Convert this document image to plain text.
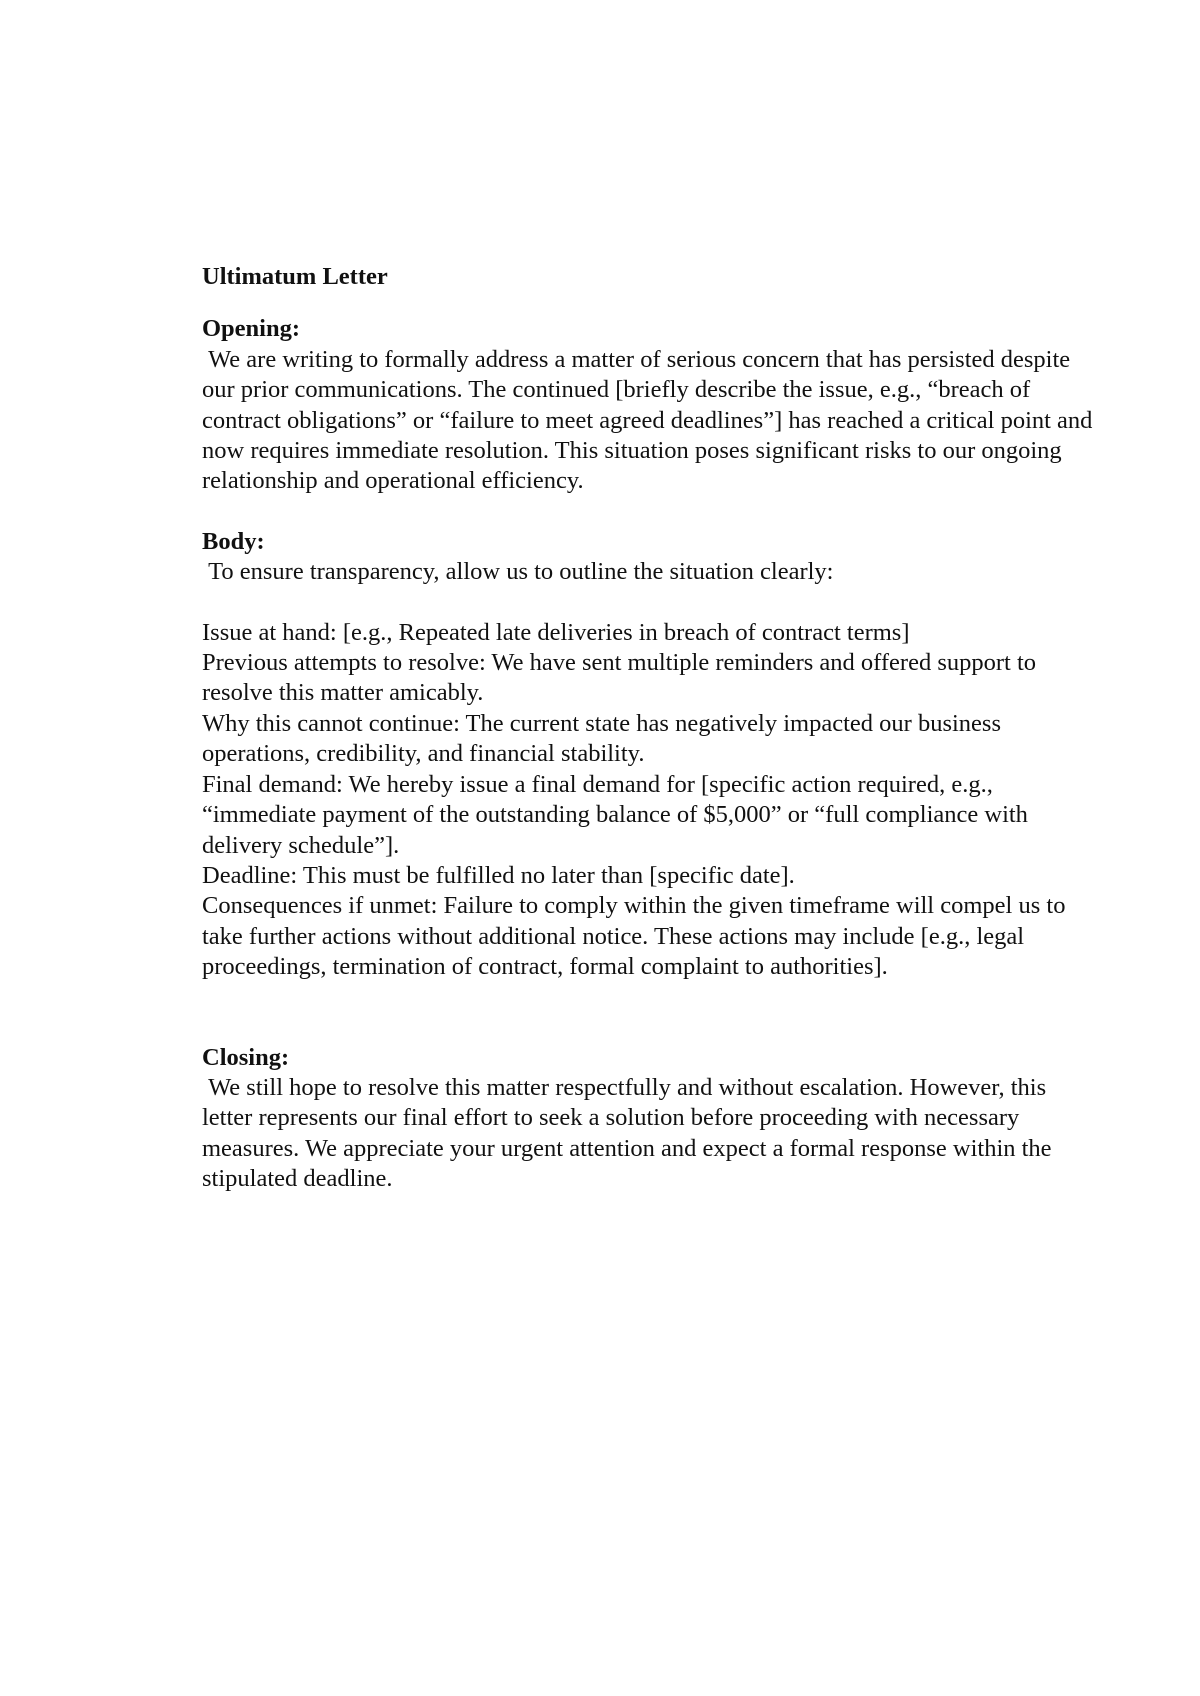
Ultimatum Letter

Opening:

We are writing to formally address a matter of serious concern that has persisted despite our prior communications. The continued [briefly describe the issue, e.g., “breach of contract obligations” or “failure to meet agreed deadlines”] has reached a critical point and now requires immediate resolution. This situation poses significant risks to our ongoing relationship and operational efficiency.

Body:

To ensure transparency, allow us to outline the situation clearly:

Issue at hand: [e.g., Repeated late deliveries in breach of contract terms]

Previous attempts to resolve: We have sent multiple reminders and offered support to resolve this matter amicably.

Why this cannot continue: The current state has negatively impacted our business operations, credibility, and financial stability.

Final demand: We hereby issue a final demand for [specific action required, e.g., “immediate payment of the outstanding balance of $5,000” or “full compliance with delivery schedule”].

Deadline: This must be fulfilled no later than [specific date].

Consequences if unmet: Failure to comply within the given timeframe will compel us to take further actions without additional notice. These actions may include [e.g., legal proceedings, termination of contract, formal complaint to authorities].

Closing:

We still hope to resolve this matter respectfully and without escalation. However, this letter represents our final effort to seek a solution before proceeding with necessary measures. We appreciate your urgent attention and expect a formal response within the stipulated deadline.
